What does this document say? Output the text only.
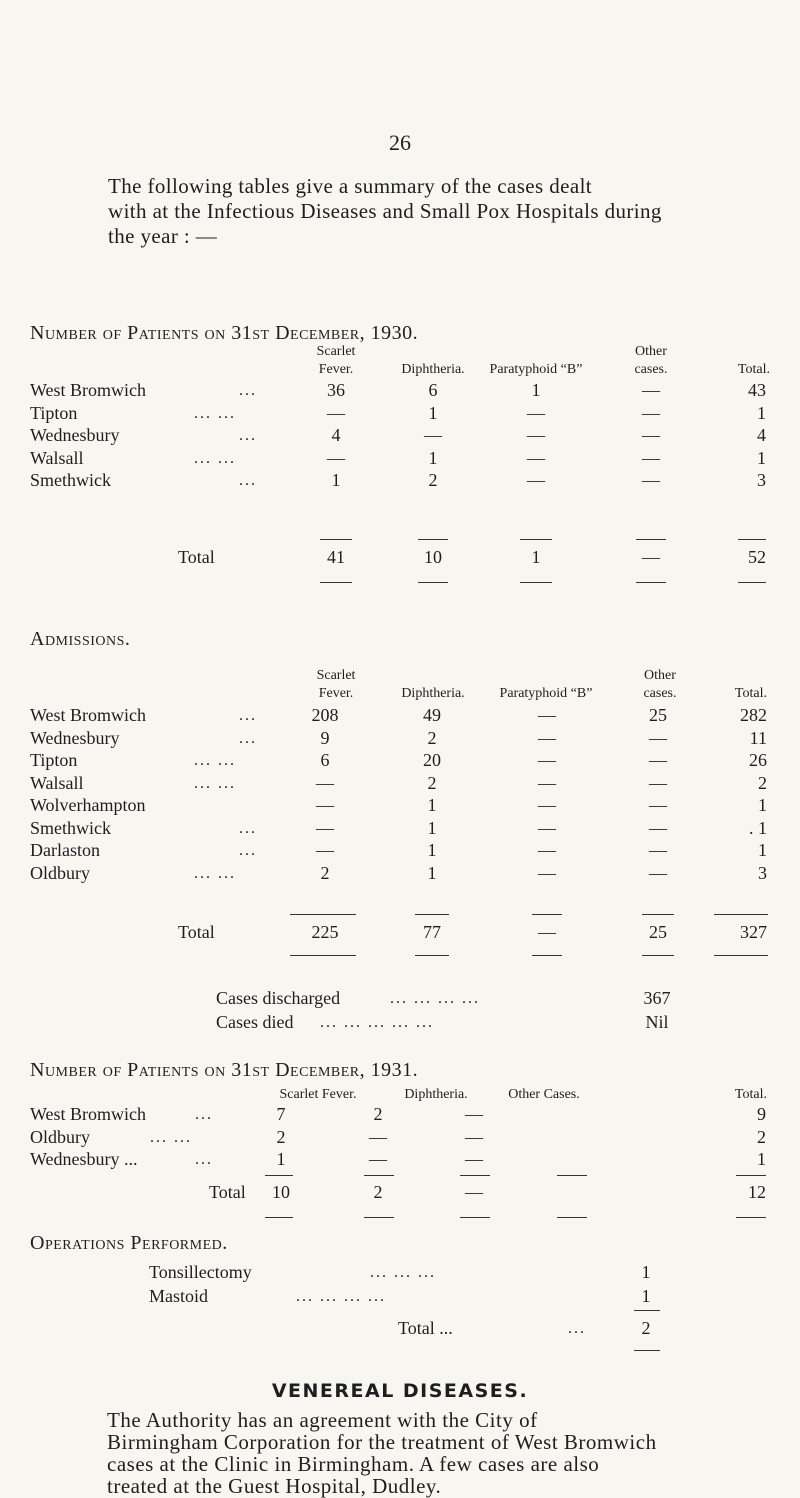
26
The following tables give a summary of the cases dealt
with at the Infectious Diseases and Small Pox Hospitals during
the year : —
Number of Patients on 31st December, 1930.
Scarlet
Fever.	Diphtheria.	Paratyphoid “B”
Other
cases.	Total.
West Bromwich	...	36	6	1	—	43
Tipton	... ...	—	1	—	—	1
Wednesbury	...	4	—	—	—	4
Walsall	... ...	—	1	—	—	1
Smethwick	...	1	2	—	—	3
Total	41	10	1	—	52
Admissions.
Scarlet
Fever.	Diphtheria.	Paratyphoid “B”
Other
cases.	Total.
West Bromwich	...	208	49	—	25	282
Wednesbury	...	9	2	—	—	11
Tipton	... ...	6	20	—	—	26
Walsall	... ...	—	2	—	—	2
Wolverhampton	—	1	—	—	1
Smethwick	...	—	1	—	—	. 1
Darlaston	...	—	1	—	—	1
Oldbury	... ...	2	1	—	—	3
Total	225	77	—	25	327
Cases discharged	... ... ... ...	367
Cases died ... ... ... ... ...	Nil
Number of Patients on 31st December, 1931.
Scarlet Fever.	Diphtheria.	Other Cases.	Total.
West Bromwich	...	7	2	—	9
Oldbury	... ...	2	—	—	2
Wednesbury ...	...	1	—	—	1
Total	10	2	—	12
Operations Performed.
VENEREAL DISEASES.
The Authority has an agreement with the City of
Birmingham Corporation for the treatment of West Bromwich
cases at the Clinic in Birmingham. A few cases are also
treated at the Guest Hospital, Dudley.
Tonsillectomy	... ... ...	1
Mastoid	... ... ... ...	1
Total ...	...	2
